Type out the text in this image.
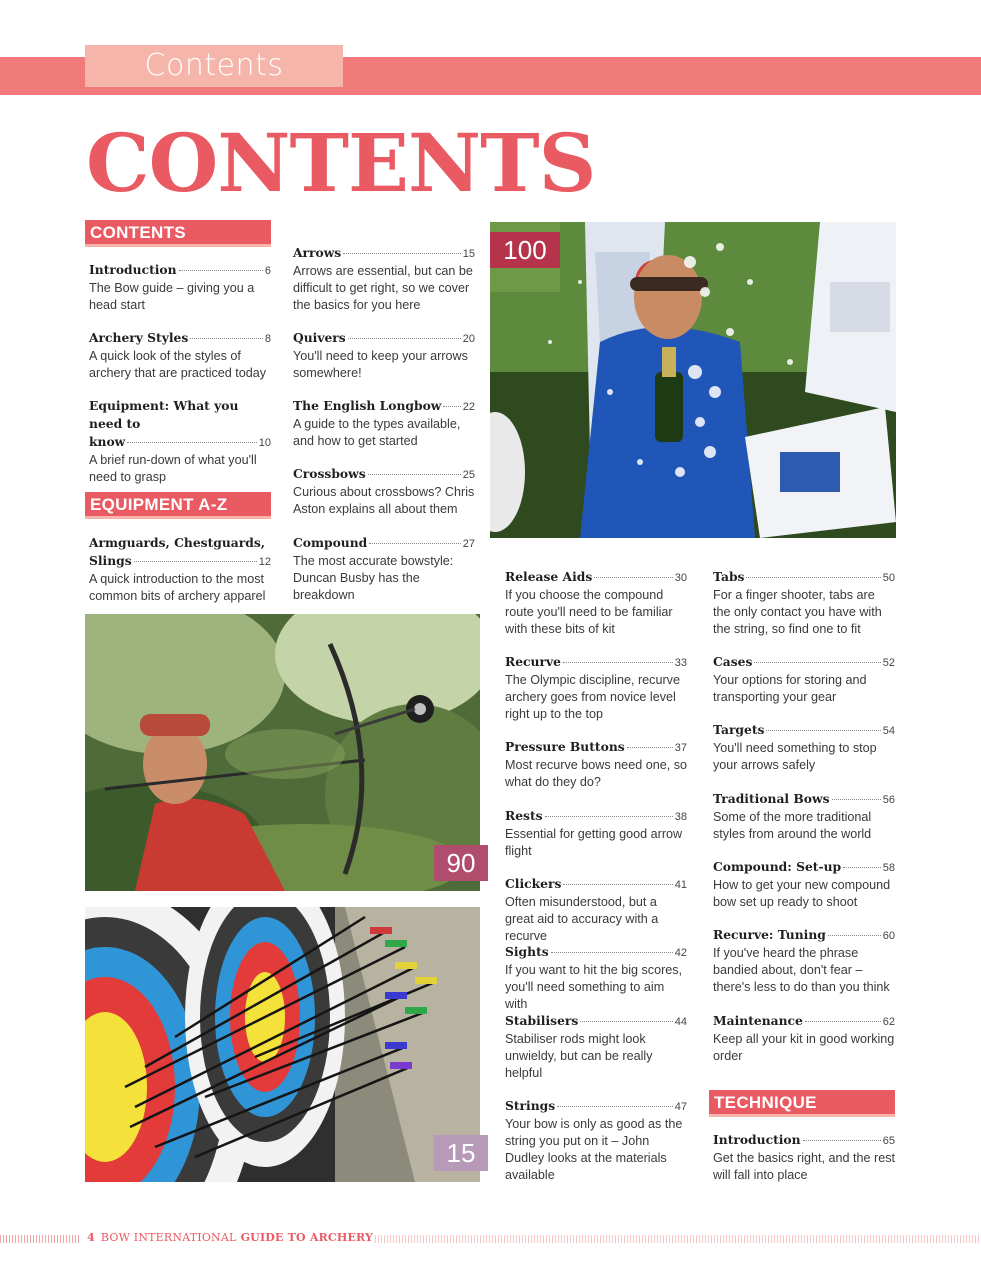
Contents
CONTENTS
CONTENTS
EQUIPMENT A-Z
TECHNIQUE
Introduction	6
The Bow guide – giving you a head start
Archery Styles	8
A quick look of the styles of archery that are practiced today
Equipment: What you need to
know	10
A brief run-down of what you'll need to grasp
Armguards, Chestguards,
Slings	12
A quick introduction to the most common bits of archery apparel
Arrows	15
Arrows are essential, but can be difficult to get right, so we cover the basics for you here
Quivers	20
You'll need to keep your arrows somewhere!
The English Longbow 22
A guide to the types available, and how to get started
Crossbows	25
Curious about crossbows? Chris Aston explains all about them
Compound	27
The most accurate bowstyle: Duncan Busby has the breakdown
Release Aids	30
If you choose the compound route you'll need to be familiar with these bits of kit
Recurve	33
The Olympic discipline, recurve archery goes from novice level right up to the top
Pressure Buttons	37
Most recurve bows need one, so what do they do?
Rests	38
Essential for getting good arrow flight
Clickers	41
Often misunderstood, but a great aid to accuracy with a recurve
Sights	42
If you want to hit the big scores, you'll need something to aim with
Stabilisers	44
Stabiliser rods might look unwieldy, but can be really helpful
Strings	47
Your bow is only as good as the string you put on it – John Dudley looks at the materials available
Tabs	50
For a finger shooter, tabs are the only contact you have with the string, so find one to fit
Cases	52
Your options for storing and transporting your gear
Targets	54
You'll need something to stop your arrows safely
Traditional Bows	56
Some of the more traditional styles from around the world
Compound: Set-up	58
How to get your new compound bow set up ready to shoot
Recurve: Tuning	60
If you've heard the phrase bandied about, don't fear – there's less to do than you think
Maintenance	62
Keep all your kit in good working order
Introduction	65
Get the basics right, and the rest will fall into place
100
90
15
4 BOW INTERNATIONAL GUIDE TO ARCHERY
